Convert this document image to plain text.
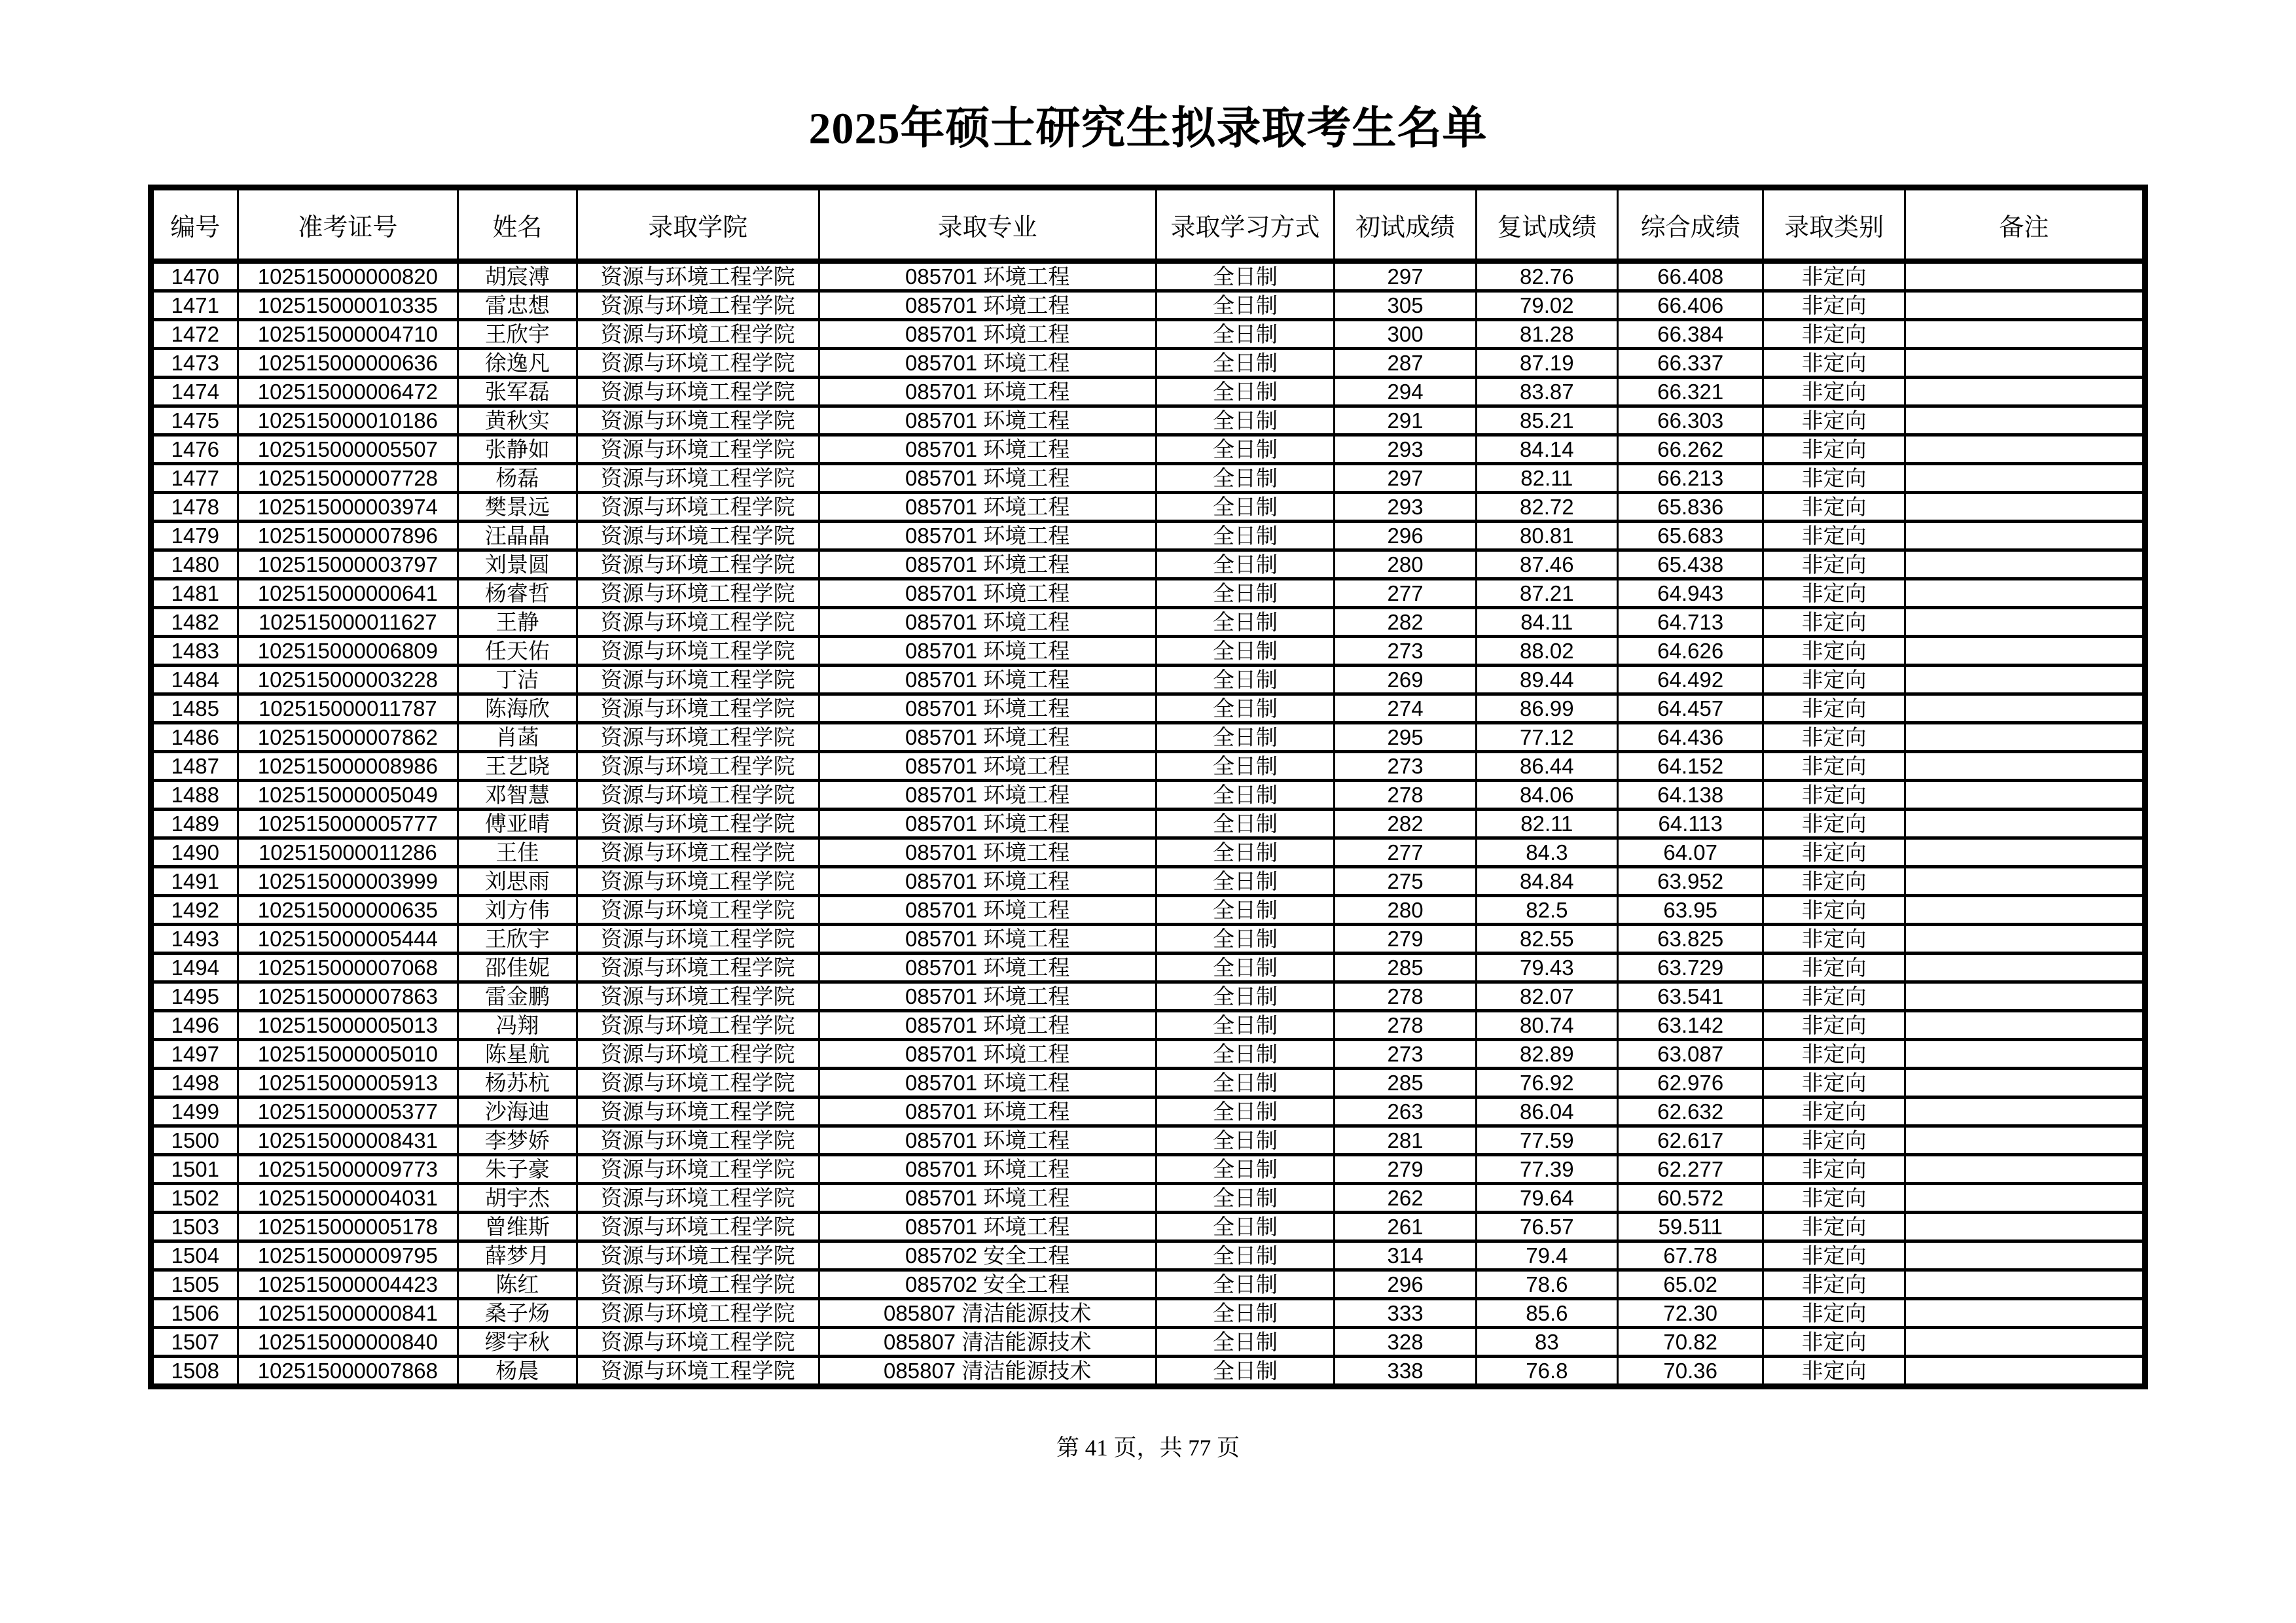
2025年硕士研究生拟录取考生名单
编号	准考证号	姓名	录取学院	录取专业	录取学习方式	初试成绩	复试成绩	综合成绩	录取类别	备注
1470	102515000000820	胡宸溥	资源与环境工程学院	085701 环境工程	全日制	297	82.76	66.408	非定向	
1471	102515000010335	雷忠想	资源与环境工程学院	085701 环境工程	全日制	305	79.02	66.406	非定向	
1472	102515000004710	王欣宇	资源与环境工程学院	085701 环境工程	全日制	300	81.28	66.384	非定向	
1473	102515000000636	徐逸凡	资源与环境工程学院	085701 环境工程	全日制	287	87.19	66.337	非定向	
1474	102515000006472	张军磊	资源与环境工程学院	085701 环境工程	全日制	294	83.87	66.321	非定向	
1475	102515000010186	黄秋实	资源与环境工程学院	085701 环境工程	全日制	291	85.21	66.303	非定向	
1476	102515000005507	张静如	资源与环境工程学院	085701 环境工程	全日制	293	84.14	66.262	非定向	
1477	102515000007728	杨磊	资源与环境工程学院	085701 环境工程	全日制	297	82.11	66.213	非定向	
1478	102515000003974	樊景远	资源与环境工程学院	085701 环境工程	全日制	293	82.72	65.836	非定向	
1479	102515000007896	汪晶晶	资源与环境工程学院	085701 环境工程	全日制	296	80.81	65.683	非定向	
1480	102515000003797	刘景圆	资源与环境工程学院	085701 环境工程	全日制	280	87.46	65.438	非定向	
1481	102515000000641	杨睿哲	资源与环境工程学院	085701 环境工程	全日制	277	87.21	64.943	非定向	
1482	102515000011627	王静	资源与环境工程学院	085701 环境工程	全日制	282	84.11	64.713	非定向	
1483	102515000006809	任天佑	资源与环境工程学院	085701 环境工程	全日制	273	88.02	64.626	非定向	
1484	102515000003228	丁洁	资源与环境工程学院	085701 环境工程	全日制	269	89.44	64.492	非定向	
1485	102515000011787	陈海欣	资源与环境工程学院	085701 环境工程	全日制	274	86.99	64.457	非定向	
1486	102515000007862	肖菡	资源与环境工程学院	085701 环境工程	全日制	295	77.12	64.436	非定向	
1487	102515000008986	王艺晓	资源与环境工程学院	085701 环境工程	全日制	273	86.44	64.152	非定向	
1488	102515000005049	邓智慧	资源与环境工程学院	085701 环境工程	全日制	278	84.06	64.138	非定向	
1489	102515000005777	傅亚晴	资源与环境工程学院	085701 环境工程	全日制	282	82.11	64.113	非定向	
1490	102515000011286	王佳	资源与环境工程学院	085701 环境工程	全日制	277	84.3	64.07	非定向	
1491	102515000003999	刘思雨	资源与环境工程学院	085701 环境工程	全日制	275	84.84	63.952	非定向	
1492	102515000000635	刘方伟	资源与环境工程学院	085701 环境工程	全日制	280	82.5	63.95	非定向	
1493	102515000005444	王欣宇	资源与环境工程学院	085701 环境工程	全日制	279	82.55	63.825	非定向	
1494	102515000007068	邵佳妮	资源与环境工程学院	085701 环境工程	全日制	285	79.43	63.729	非定向	
1495	102515000007863	雷金鹏	资源与环境工程学院	085701 环境工程	全日制	278	82.07	63.541	非定向	
1496	102515000005013	冯翔	资源与环境工程学院	085701 环境工程	全日制	278	80.74	63.142	非定向	
1497	102515000005010	陈星航	资源与环境工程学院	085701 环境工程	全日制	273	82.89	63.087	非定向	
1498	102515000005913	杨苏杭	资源与环境工程学院	085701 环境工程	全日制	285	76.92	62.976	非定向	
1499	102515000005377	沙海迪	资源与环境工程学院	085701 环境工程	全日制	263	86.04	62.632	非定向	
1500	102515000008431	李梦娇	资源与环境工程学院	085701 环境工程	全日制	281	77.59	62.617	非定向	
1501	102515000009773	朱子豪	资源与环境工程学院	085701 环境工程	全日制	279	77.39	62.277	非定向	
1502	102515000004031	胡宇杰	资源与环境工程学院	085701 环境工程	全日制	262	79.64	60.572	非定向	
1503	102515000005178	曾维斯	资源与环境工程学院	085701 环境工程	全日制	261	76.57	59.511	非定向	
1504	102515000009795	薛梦月	资源与环境工程学院	085702 安全工程	全日制	314	79.4	67.78	非定向	
1505	102515000004423	陈红	资源与环境工程学院	085702 安全工程	全日制	296	78.6	65.02	非定向	
1506	102515000000841	桑子炀	资源与环境工程学院	085807 清洁能源技术	全日制	333	85.6	72.30	非定向	
1507	102515000000840	缪宇秋	资源与环境工程学院	085807 清洁能源技术	全日制	328	83	70.82	非定向	
1508	102515000007868	杨晨	资源与环境工程学院	085807 清洁能源技术	全日制	338	76.8	70.36	非定向	
第 41 页，共 77 页
